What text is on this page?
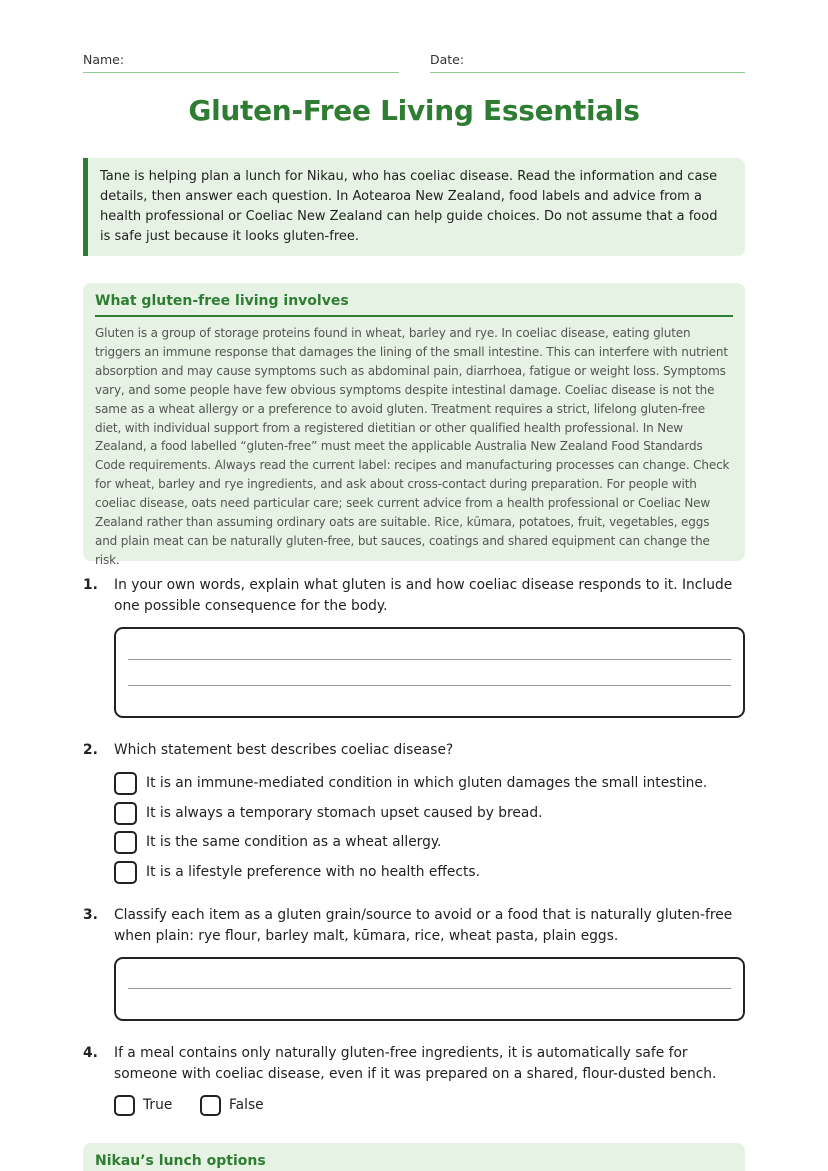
Name:	Date:
Gluten-Free Living Essentials
Tane is helping plan a lunch for Nikau, who has coeliac disease. Read the information and case details, then answer each question. In Aotearoa New Zealand, food labels and advice from a health professional or Coeliac New Zealand can help guide choices. Do not assume that a food is safe just because it looks gluten-free.
What gluten-free living involves
Gluten is a group of storage proteins found in wheat, barley and rye. In coeliac disease, eating gluten triggers an immune response that damages the lining of the small intestine. This can interfere with nutrient absorption and may cause symptoms such as abdominal pain, diarrhoea, fatigue or weight loss. Symptoms vary, and some people have few obvious symptoms despite intestinal damage. Coeliac disease is not the same as a wheat allergy or a preference to avoid gluten. Treatment requires a strict, lifelong gluten-free diet, with individual support from a registered dietitian or other qualified health professional. In New Zealand, a food labelled “gluten-free” must meet the applicable Australia New Zealand Food Standards Code requirements. Always read the current label: recipes and manufacturing processes can change. Check for wheat, barley and rye ingredients, and ask about cross-contact during preparation. For people with coeliac disease, oats need particular care; seek current advice from a health professional or Coeliac New Zealand rather than assuming ordinary oats are suitable. Rice, kūmara, potatoes, fruit, vegetables, eggs and plain meat can be naturally gluten-free, but sauces, coatings and shared equipment can change the risk.
1. In your own words, explain what gluten is and how coeliac disease responds to it. Include one possible consequence for the body.
2. Which statement best describes coeliac disease?
It is an immune-mediated condition in which gluten damages the small intestine.
It is always a temporary stomach upset caused by bread.
It is the same condition as a wheat allergy.
It is a lifestyle preference with no health effects.
3. Classify each item as a gluten grain/source to avoid or a food that is naturally gluten-free when plain: rye flour, barley malt, kūmara, rice, wheat pasta, plain eggs.
4. If a meal contains only naturally gluten-free ingredients, it is automatically safe for someone with coeliac disease, even if it was prepared on a shared, flour-dusted bench.
True	False
Nikau’s lunch options
